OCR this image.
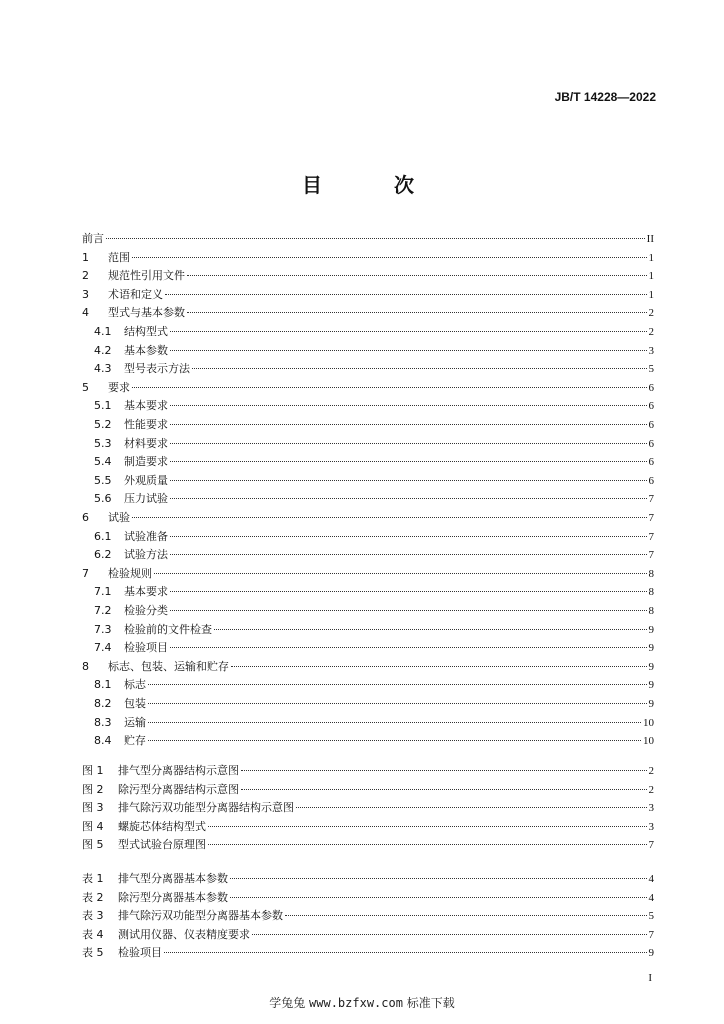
JB/T 14228—2022
目　次
前言	II
1	范围	1
2	规范性引用文件	1
3	术语和定义	1
4	型式与基本参数	2
4.1	结构型式	2
4.2	基本参数	3
4.3	型号表示方法	5
5	要求	6
5.1	基本要求	6
5.2	性能要求	6
5.3	材料要求	6
5.4	制造要求	6
5.5	外观质量	6
5.6	压力试验	7
6	试验	7
6.1	试验准备	7
6.2	试验方法	7
7	检验规则	8
7.1	基本要求	8
7.2	检验分类	8
7.3	检验前的文件检查	9
7.4	检验项目	9
8	标志、包装、运输和贮存	9
8.1	标志	9
8.2	包装	9
8.3	运输	10
8.4	贮存	10
图 1	排气型分离器结构示意图	2
图 2	除污型分离器结构示意图	2
图 3	排气除污双功能型分离器结构示意图	3
图 4	螺旋芯体结构型式	3
图 5	型式试验台原理图	7
表 1	排气型分离器基本参数	4
表 2	除污型分离器基本参数	4
表 3	排气除污双功能型分离器基本参数	5
表 4	测试用仪器、仪表精度要求	7
表 5	检验项目	9
I
学兔兔 www.bzfxw.com 标准下载
